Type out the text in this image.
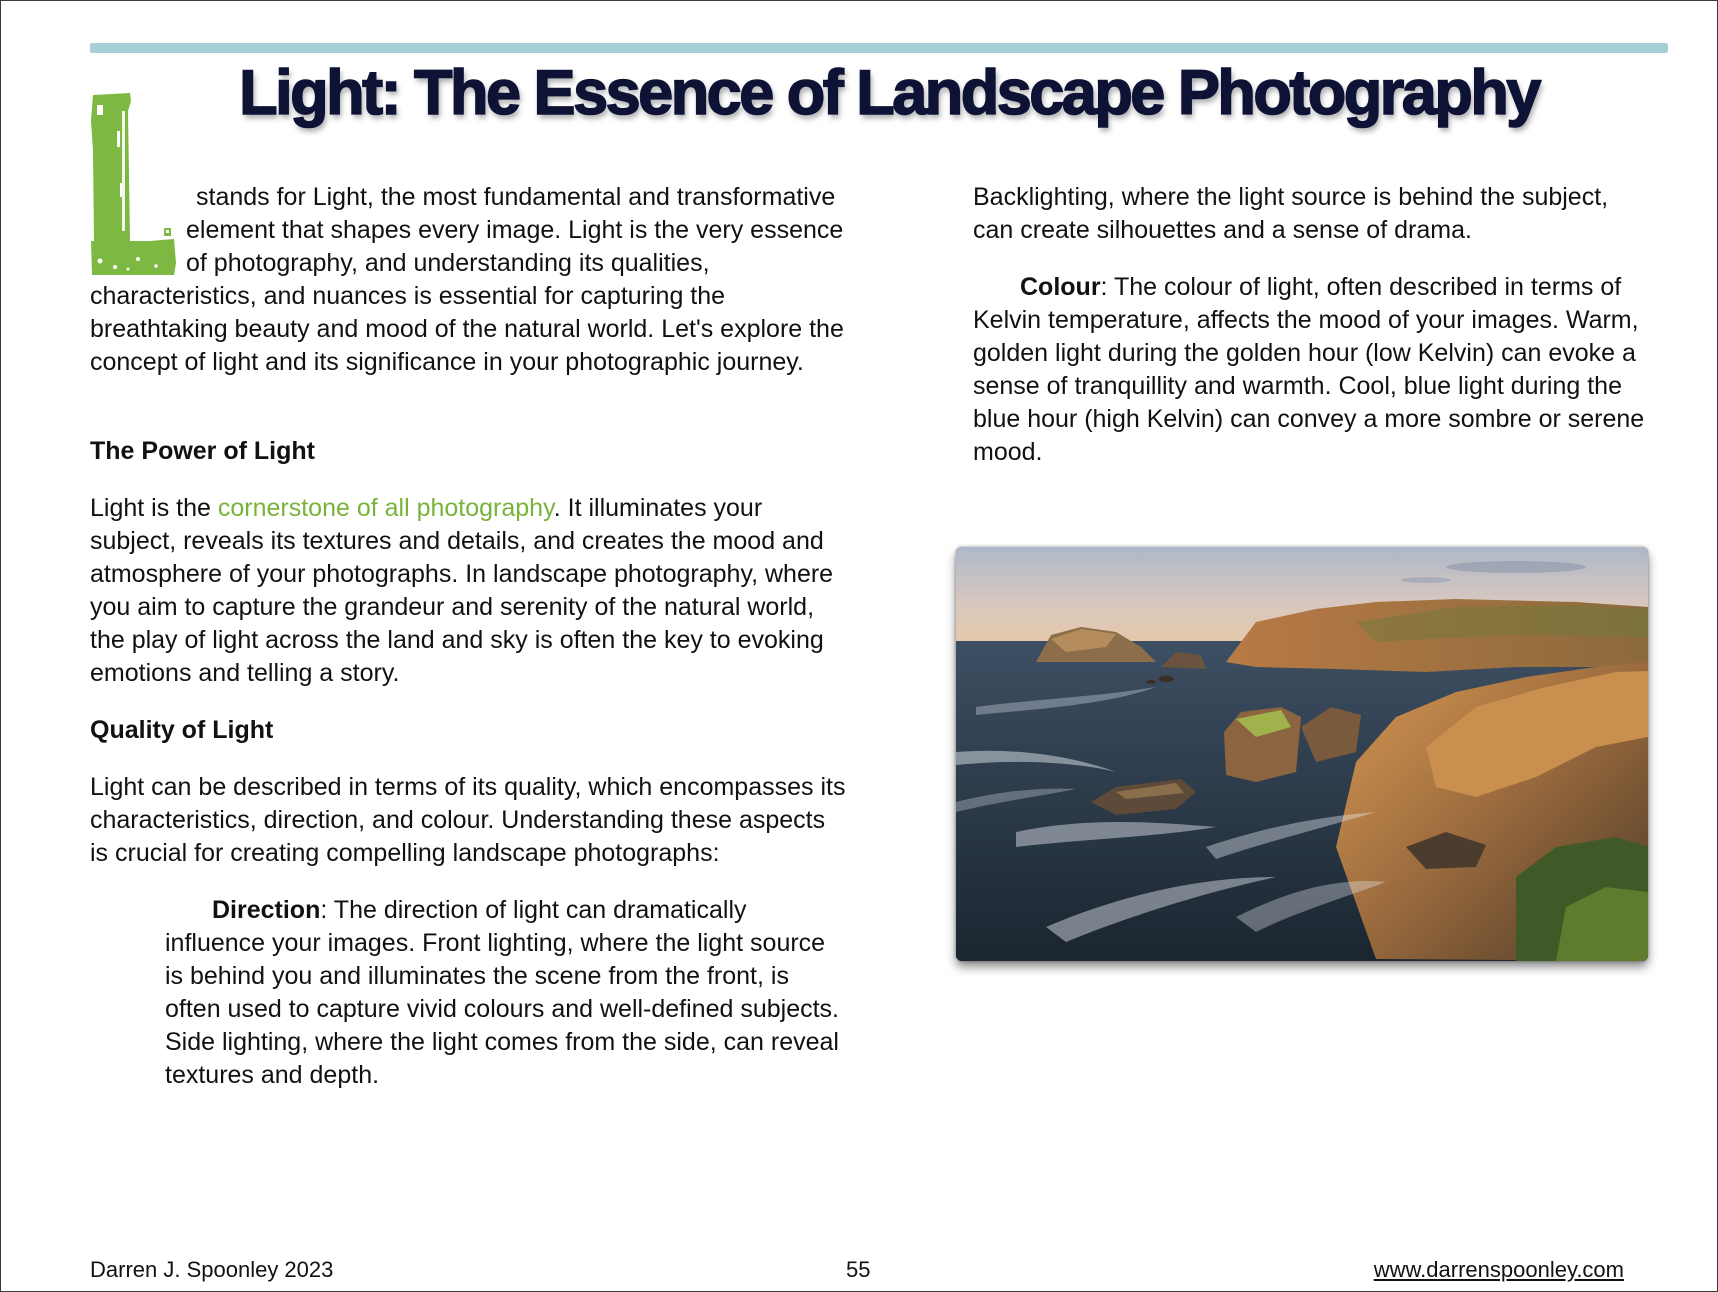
Light: The Essence of Landscape Photography

stands for Light, the most fundamental and transformative element that shapes every image. Light is the very essence of photography, and understanding its qualities, characteristics, and nuances is essential for capturing the breathtaking beauty and mood of the natural world. Let's explore the concept of light and its significance in your photographic journey.

The Power of Light

Light is the cornerstone of all photography. It illuminates your subject, reveals its textures and details, and creates the mood and atmosphere of your photographs. In landscape photography, where you aim to capture the grandeur and serenity of the natural world, the play of light across the land and sky is often the key to evoking emotions and telling a story.

Quality of Light

Light can be described in terms of its quality, which encompasses its characteristics, direction, and colour. Understanding these aspects is crucial for creating compelling landscape photographs:

Direction: The direction of light can dramatically influence your images. Front lighting, where the light source is behind you and illuminates the scene from the front, is often used to capture vivid colours and well-defined subjects. Side lighting, where the light comes from the side, can reveal textures and depth.

Backlighting, where the light source is behind the subject, can create silhouettes and a sense of drama.

Colour: The colour of light, often described in terms of Kelvin temperature, affects the mood of your images. Warm, golden light during the golden hour (low Kelvin) can evoke a sense of tranquillity and warmth. Cool, blue light during the blue hour (high Kelvin) can convey a more sombre or serene mood.

Darren J. Spoonley 2023	55	www.darrenspoonley.com
